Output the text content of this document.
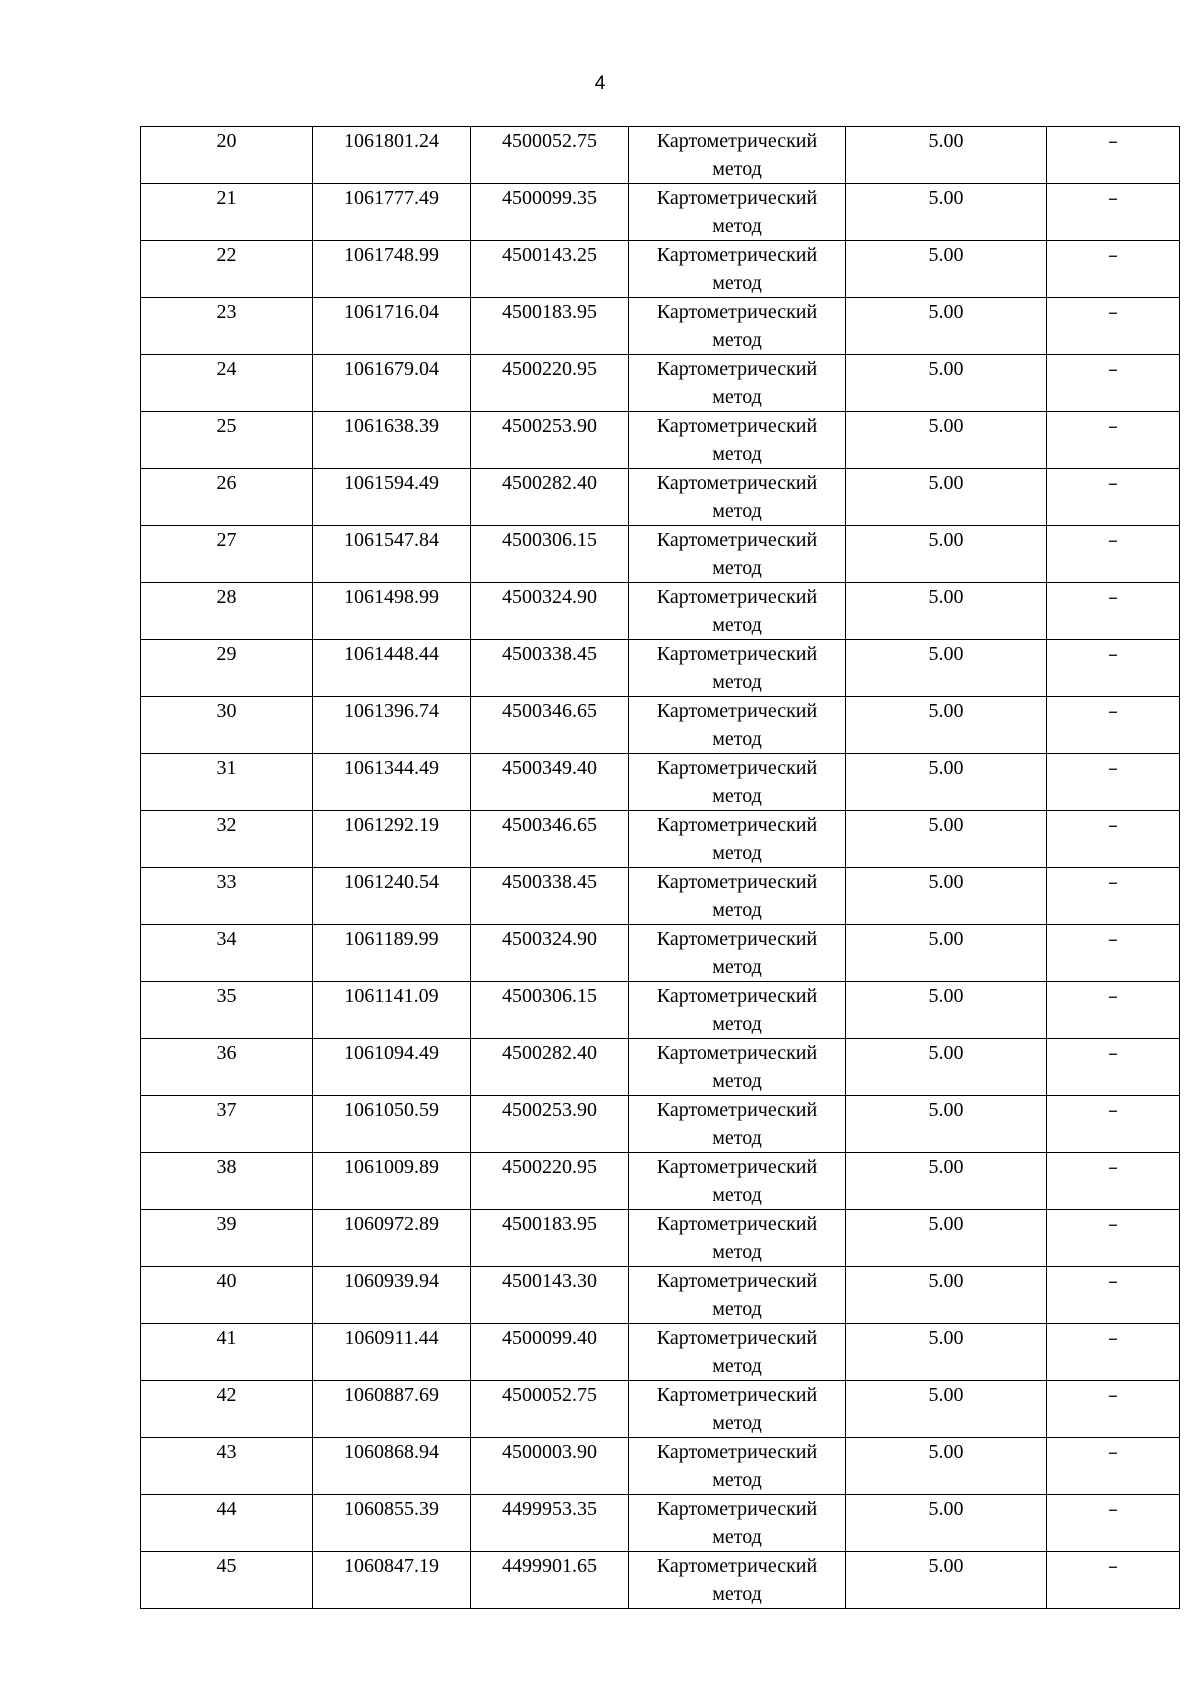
4
20	1061801.24	4500052.75	Картометрический
метод	5.00	–

21	1061777.49	4500099.35	Картометрический
метод	5.00	–

22	1061748.99	4500143.25	Картометрический
метод	5.00	–

23	1061716.04	4500183.95	Картометрический
метод	5.00	–

24	1061679.04	4500220.95	Картометрический
метод	5.00	–

25	1061638.39	4500253.90	Картометрический
метод	5.00	–

26	1061594.49	4500282.40	Картометрический
метод	5.00	–

27	1061547.84	4500306.15	Картометрический
метод	5.00	–

28	1061498.99	4500324.90	Картометрический
метод	5.00	–

29	1061448.44	4500338.45	Картометрический
метод	5.00	–

30	1061396.74	4500346.65	Картометрический
метод	5.00	–

31	1061344.49	4500349.40	Картометрический
метод	5.00	–

32	1061292.19	4500346.65	Картометрический
метод	5.00	–

33	1061240.54	4500338.45	Картометрический
метод	5.00	–

34	1061189.99	4500324.90	Картометрический
метод	5.00	–

35	1061141.09	4500306.15	Картометрический
метод	5.00	–

36	1061094.49	4500282.40	Картометрический
метод	5.00	–

37	1061050.59	4500253.90	Картометрический
метод	5.00	–

38	1061009.89	4500220.95	Картометрический
метод	5.00	–

39	1060972.89	4500183.95	Картометрический
метод	5.00	–

40	1060939.94	4500143.30	Картометрический
метод	5.00	–

41	1060911.44	4500099.40	Картометрический
метод	5.00	–

42	1060887.69	4500052.75	Картометрический
метод	5.00	–

43	1060868.94	4500003.90	Картометрический
метод	5.00	–

44	1060855.39	4499953.35	Картометрический
метод	5.00	–

45	1060847.19	4499901.65	Картометрический
метод	5.00	–
